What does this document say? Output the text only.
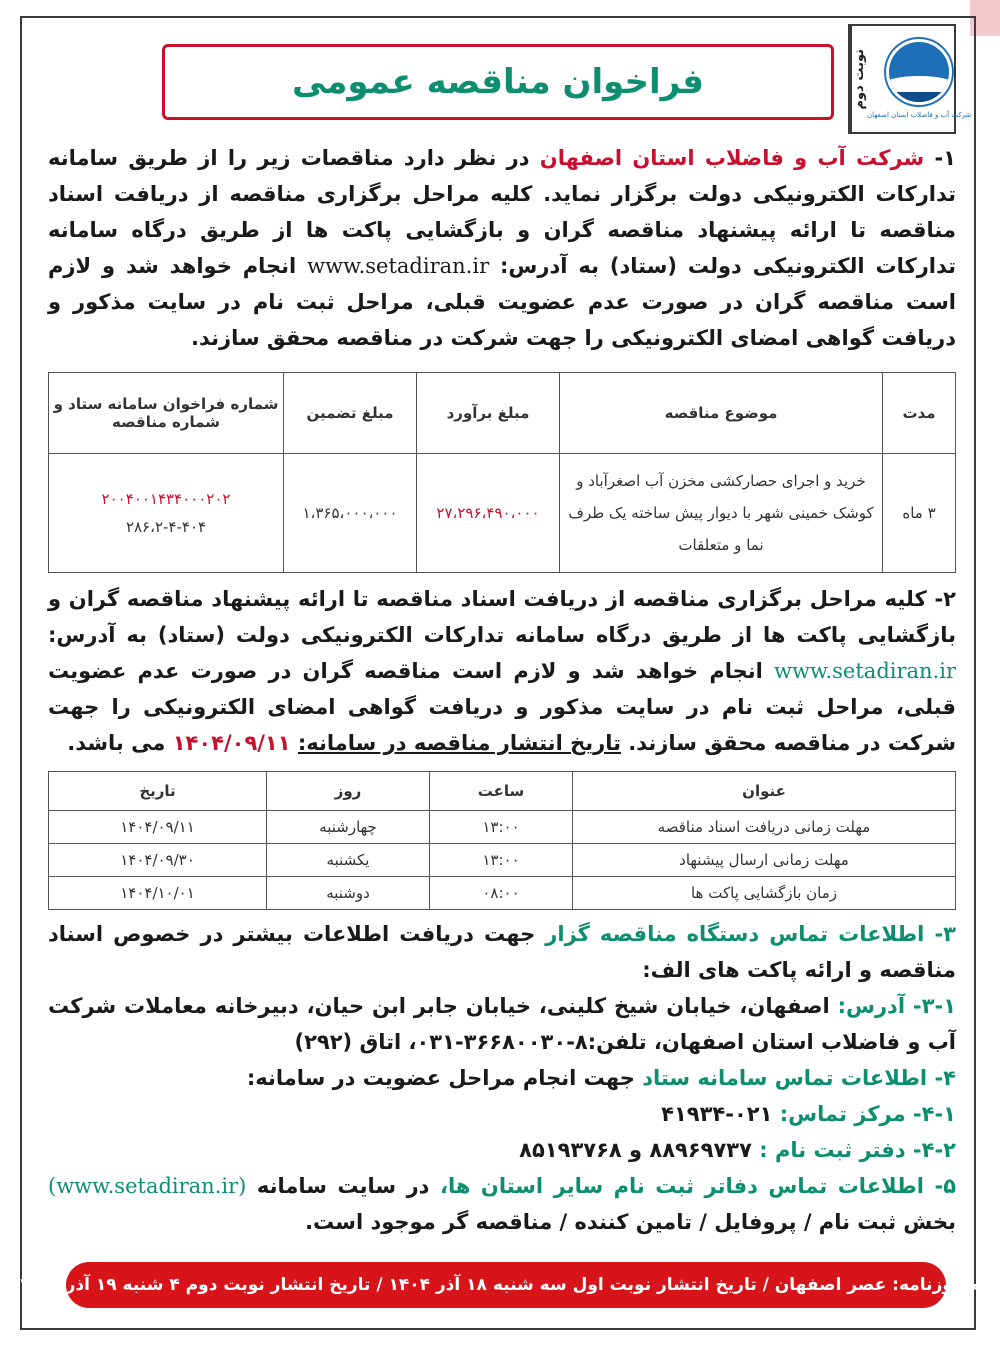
نوبت دوم
شرکت آب و فاضلاب استان اصفهان
فراخوان مناقصه عمومی

۱- شرکت آب و فاضلاب استان اصفهان در نظر دارد مناقصات زیر را از طریق سامانه تدارکات الکترونیکی دولت برگزار نماید. کلیه مراحل برگزاری مناقصه از دریافت اسناد مناقصه تا ارائه پیشنهاد مناقصه گران و بازگشایی پاکت ها از طریق درگاه سامانه تدارکات الکترونیکی دولت (ستاد) به آدرس: www.setadiran.ir انجام خواهد شد و لازم است مناقصه گران در صورت عدم عضویت قبلی، مراحل ثبت نام در سایت مذکور و دریافت گواهی امضای الکترونیکی را جهت شرکت در مناقصه محقق سازند.

مدت	موضوع مناقصه	مبلغ برآورد	مبلغ تضمین	شماره فراخوان سامانه ستاد و شماره مناقصه
۳ ماه	خرید و اجرای حصارکشی مخزن آب اصغرآباد و کوشک خمینی شهر با دیوار پیش ساخته یک طرف نما و متعلقات	۲۷،۲۹۶،۴۹۰،۰۰۰	۱،۳۶۵،۰۰۰،۰۰۰	۲۰۰۴۰۰۱۴۳۴۰۰۰۲۰۲
۲۸۶،۲-۴-۴۰۴

۲- کلیه مراحل برگزاری مناقصه از دریافت اسناد مناقصه تا ارائه پیشنهاد مناقصه گران و بازگشایی پاکت ها از طریق درگاه سامانه تدارکات الکترونیکی دولت (ستاد) به آدرس: www.setadiran.ir انجام خواهد شد و لازم است مناقصه گران در صورت عدم عضویت قبلی، مراحل ثبت نام در سایت مذکور و دریافت گواهی امضای الکترونیکی را جهت شرکت در مناقصه محقق سازند. تاریخ انتشار مناقصه در سامانه: ۱۴۰۴/۰۹/۱۱ می باشد.

عنوان	ساعت	روز	تاریخ
مهلت زمانی دریافت اسناد مناقصه	۱۳:۰۰	چهارشنبه	۱۴۰۴/۰۹/۱۱
مهلت زمانی ارسال پیشنهاد	۱۳:۰۰	یکشنبه	۱۴۰۴/۰۹/۳۰
زمان بازگشایی پاکت ها	۰۸:۰۰	دوشنبه	۱۴۰۴/۱۰/۰۱

۳- اطلاعات تماس دستگاه مناقصه گزار جهت دریافت اطلاعات بیشتر در خصوص اسناد مناقصه و ارائه پاکت های الف:

۳-۱- آدرس: اصفهان، خیابان شیخ کلینی، خیابان جابر ابن حیان، دبیرخانه معاملات شرکت آب و فاضلاب استان اصفهان، تلفن:۸-۳۶۶۸۰۰۳۰-۰۳۱، اتاق (۲۹۲)

۴- اطلاعات تماس سامانه ستاد جهت انجام مراحل عضویت در سامانه:

۴-۱- مرکز تماس: ۰۲۱-۴۱۹۳۴

۴-۲- دفتر ثبت نام : ۸۸۹۶۹۷۳۷ و ۸۵۱۹۳۷۶۸

۵- اطلاعات تماس دفاتر ثبت نام سایر استان ها، در سایت سامانه (www.setadiran.ir) بخش ثبت نام / پروفایل / تامین کننده / مناقصه گر موجود است.

نام روزنامه: عصر اصفهان / تاریخ انتشار نوبت اول سه شنبه ۱۸ آذر ۱۴۰۴ / تاریخ انتشار نوبت دوم ۴ شنبه ۱۹ آذر ۱۴۰۴
